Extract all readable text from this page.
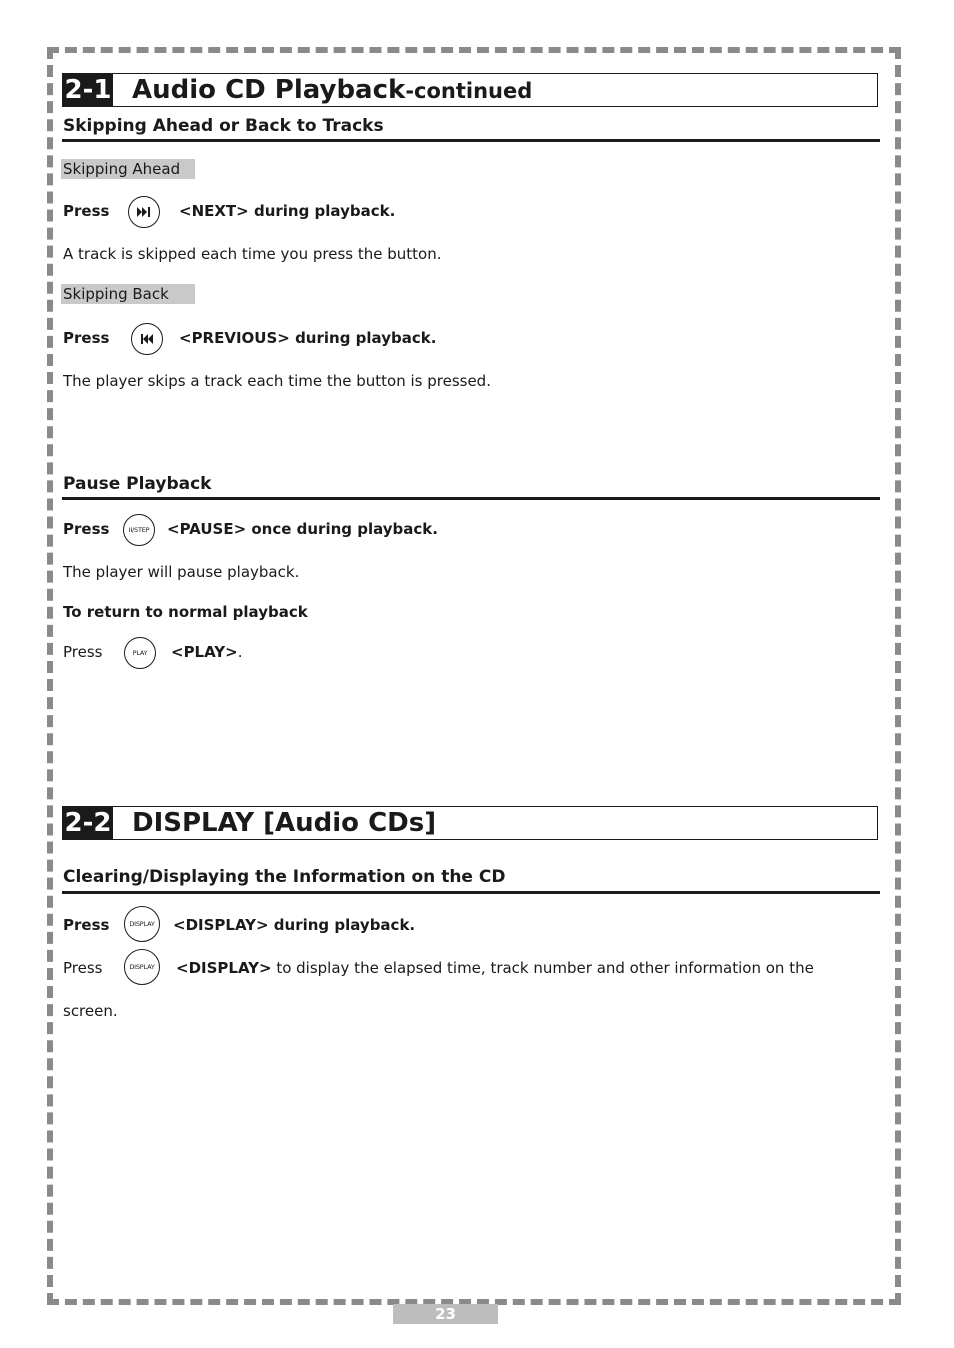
2-1 Audio CD Playback-continued
Skipping Ahead or Back to Tracks
Skipping Ahead
Press	<NEXT> during playback.
A track is skipped each time you press the button.
Skipping Back
Press	<PREVIOUS> during playback.
The player skips a track each time the button is pressed.
Pause Playback
Press	II/STEP	<PAUSE> once during playback.
The player will pause playback.
To return to normal playback
Press	PLAY	<PLAY>.
2-2 DISPLAY [Audio CDs]
Clearing/Displaying the Information on the CD
Press	DISPLAY	<DISPLAY> during playback.
Press	DISPLAY	<DISPLAY> to display the elapsed time, track number and other information on the
screen.
23
